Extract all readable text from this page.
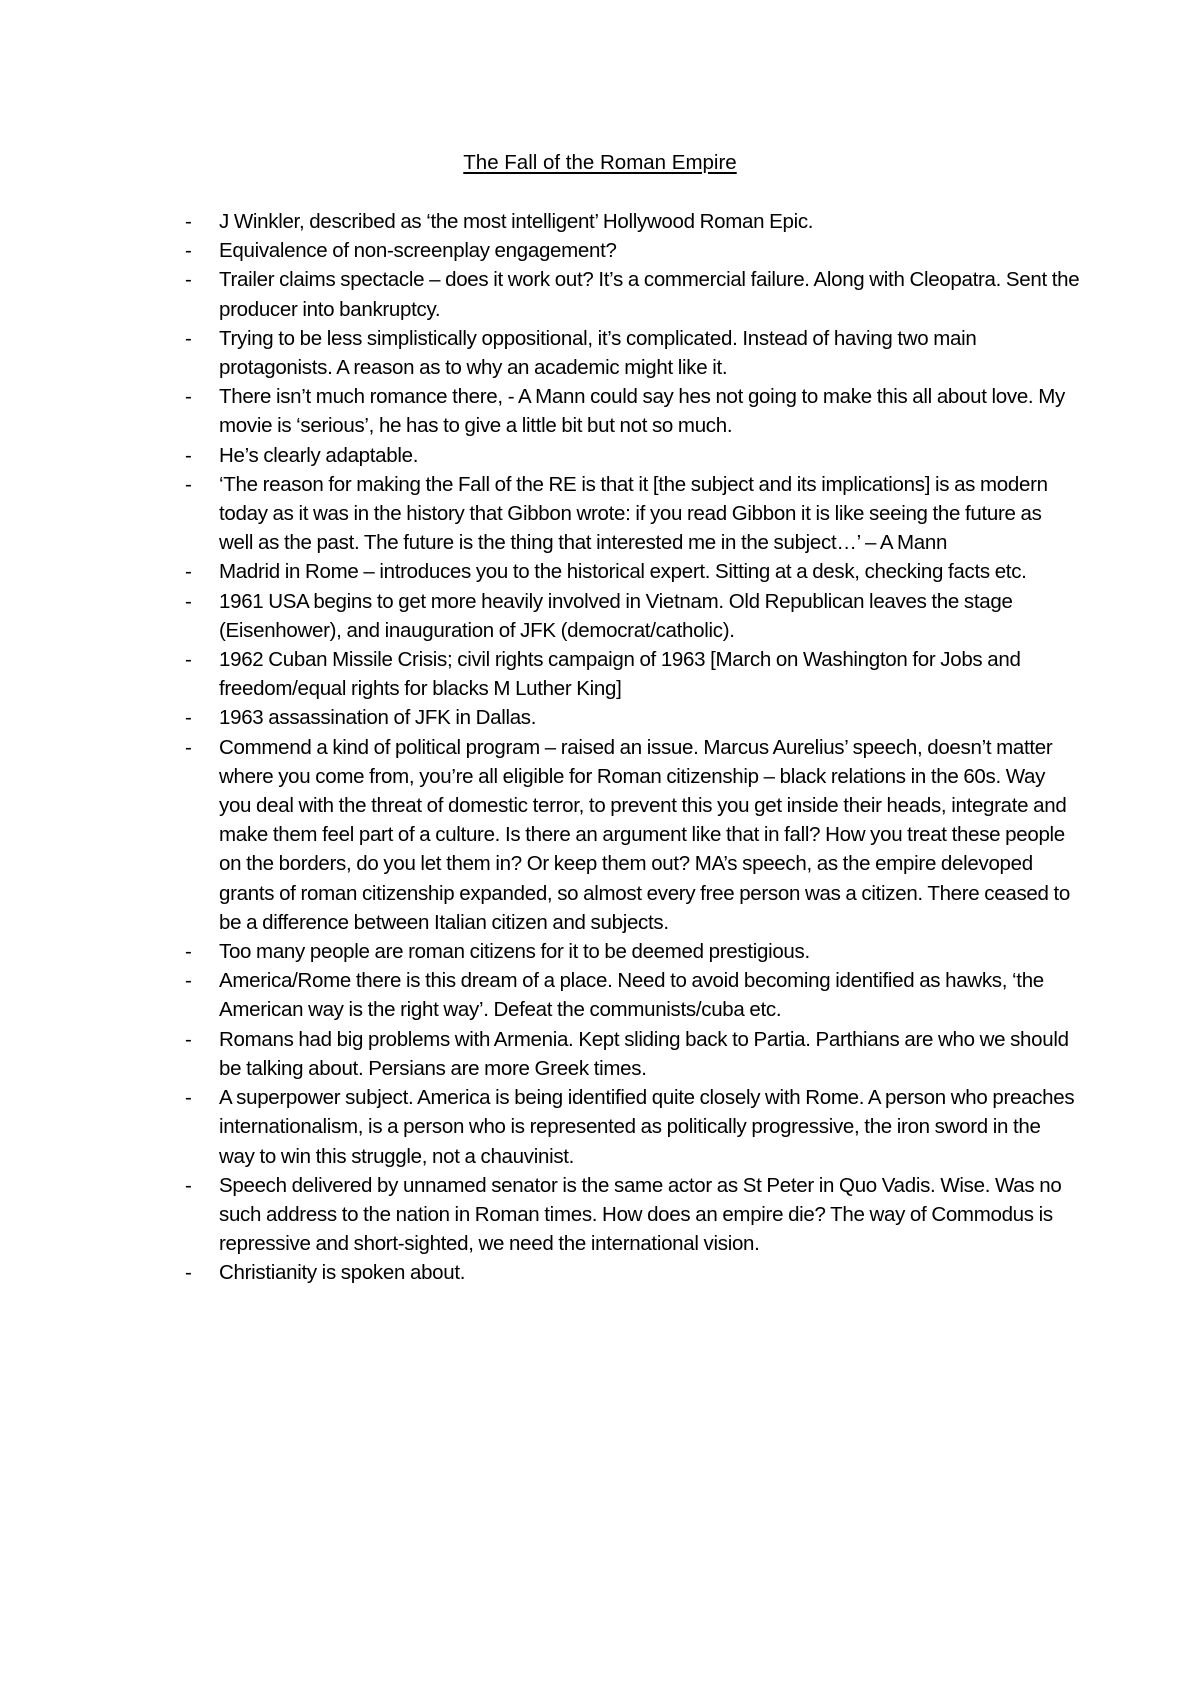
The Fall of the Roman Empire
- J Winkler, described as ‘the most intelligent’ Hollywood Roman Epic.
- Equivalence of non-screenplay engagement?
- Trailer claims spectacle – does it work out? It’s a commercial failure. Along with Cleopatra. Sent the producer into bankruptcy.
- Trying to be less simplistically oppositional, it’s complicated. Instead of having two main protagonists. A reason as to why an academic might like it.
- There isn’t much romance there, - A Mann could say hes not going to make this all about love. My movie is ‘serious’, he has to give a little bit but not so much.
- He’s clearly adaptable.
- ‘The reason for making the Fall of the RE is that it [the subject and its implications] is as modern today as it was in the history that Gibbon wrote: if you read Gibbon it is like seeing the future as well as the past. The future is the thing that interested me in the subject…’ – A Mann
- Madrid in Rome – introduces you to the historical expert. Sitting at a desk, checking facts etc.
- 1961 USA begins to get more heavily involved in Vietnam. Old Republican leaves the stage (Eisenhower), and inauguration of JFK (democrat/catholic).
- 1962 Cuban Missile Crisis; civil rights campaign of 1963 [March on Washington for Jobs and freedom/equal rights for blacks M Luther King]
- 1963 assassination of JFK in Dallas.
- Commend a kind of political program – raised an issue. Marcus Aurelius’ speech, doesn’t matter where you come from, you’re all eligible for Roman citizenship – black relations in the 60s. Way you deal with the threat of domestic terror, to prevent this you get inside their heads, integrate and make them feel part of a culture. Is there an argument like that in fall? How you treat these people on the borders, do you let them in? Or keep them out? MA’s speech, as the empire delevoped grants of roman citizenship expanded, so almost every free person was a citizen. There ceased to be a difference between Italian citizen and subjects.
- Too many people are roman citizens for it to be deemed prestigious.
- America/Rome there is this dream of a place. Need to avoid becoming identified as hawks, ‘the American way is the right way’. Defeat the communists/cuba etc.
- Romans had big problems with Armenia. Kept sliding back to Partia. Parthians are who we should be talking about. Persians are more Greek times.
- A superpower subject. America is being identified quite closely with Rome. A person who preaches internationalism, is a person who is represented as politically progressive, the iron sword in the way to win this struggle, not a chauvinist.
- Speech delivered by unnamed senator is the same actor as St Peter in Quo Vadis. Wise. Was no such address to the nation in Roman times. How does an empire die? The way of Commodus is repressive and short-sighted, we need the international vision.
- Christianity is spoken about.
